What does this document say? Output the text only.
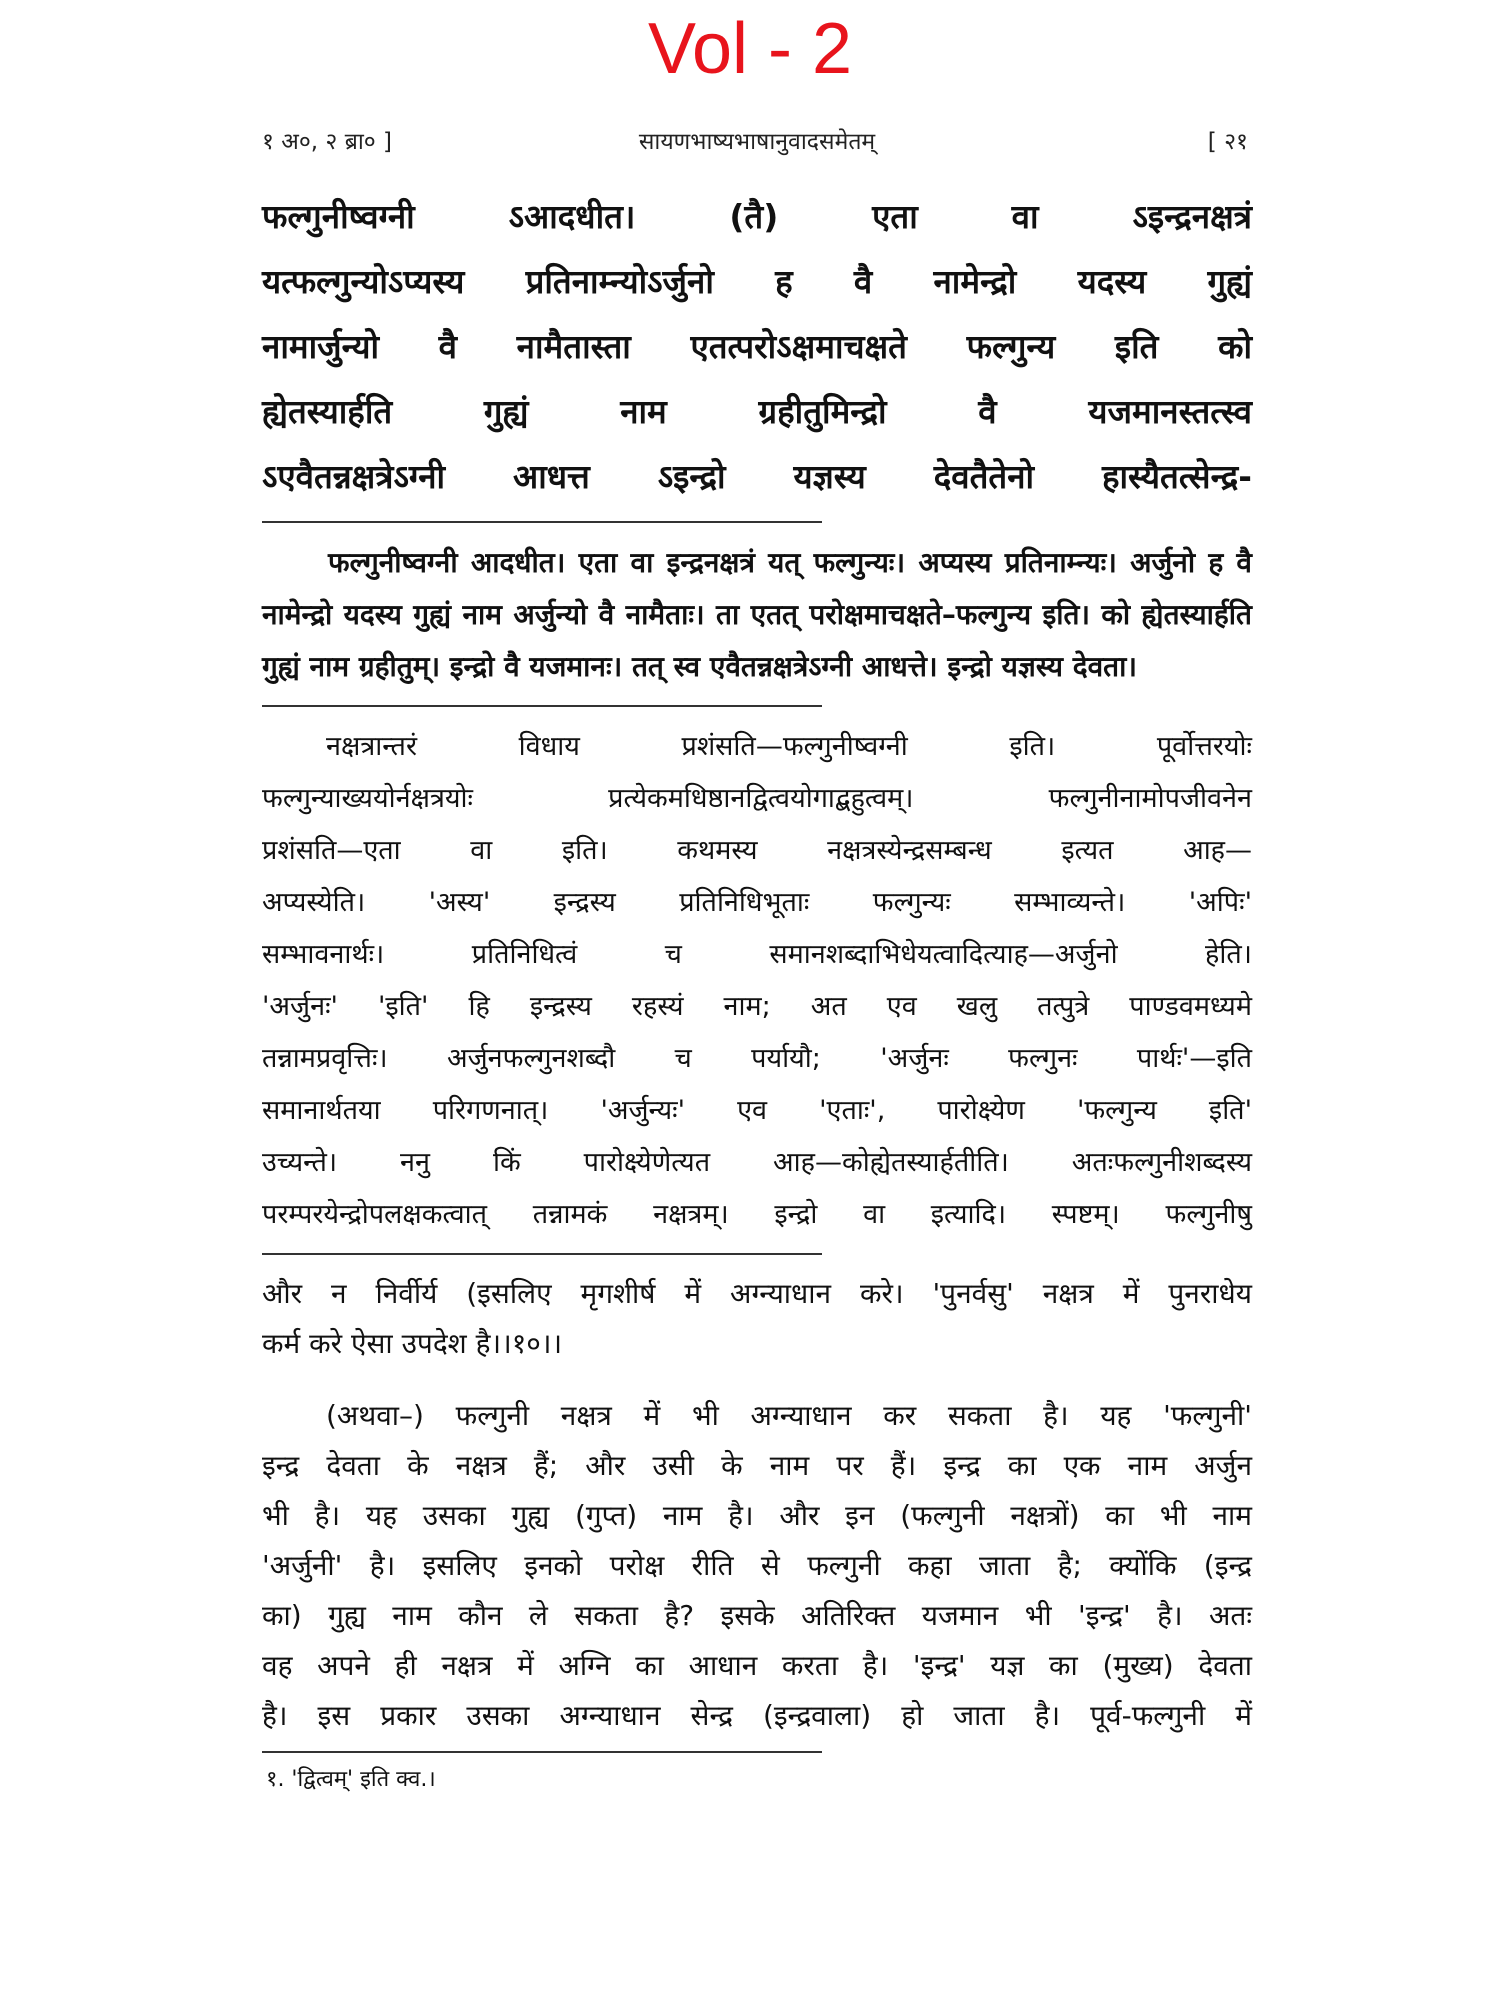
Vol - 2
१ अ०, २ ब्रा० ]	सायणभाष्यभाषानुवादसमेतम्	[ २१
फल्गुनीष्वग्नी ऽआदधीत। (तै) एता वा ऽइन्द्रनक्षत्रं
यत्फल्गुन्योऽप्यस्य प्रतिनाम्न्योऽर्जुनो ह वै नामेन्द्रो यदस्य गुह्यं
नामार्जुन्यो वै नामैतास्ता एतत्परोऽक्षमाचक्षते फल्गुन्य इति को
ह्येतस्यार्हति गुह्यं नाम ग्रहीतुमिन्द्रो वै यजमानस्तत्स्व
ऽएवैतन्नक्षत्रेऽग्नी आधत्त ऽइन्द्रो यज्ञस्य देवतैतेनो हास्यैतत्सेन्द्र-
फल्गुनीष्वग्नी आदधीत। एता वा इन्द्रनक्षत्रं यत् फल्गुन्यः। अप्यस्य प्रतिनाम्न्यः। अर्जुनो ह वै नामेन्द्रो यदस्य गुह्यं नाम अर्जुन्यो वै नामैताः। ता एतत् परोक्षमाचक्षते–फल्गुन्य इति। को ह्येतस्यार्हति गुह्यं नाम ग्रहीतुम्। इन्द्रो वै यजमानः। तत् स्व एवैतन्नक्षत्रेऽग्नी आधत्ते। इन्द्रो यज्ञस्य देवता।
नक्षत्रान्तरं विधाय प्रशंसति—फल्गुनीष्वग्नी इति। पूर्वोत्तरयोः
फल्गुन्याख्ययोर्नक्षत्रयोः प्रत्येकमधिष्ठानद्वित्वयोगाद्बहुत्वम्। फल्गुनीनामोपजीवनेन
प्रशंसति—एता वा इति। कथमस्य नक्षत्रस्येन्द्रसम्बन्ध इत्यत आह—
अप्यस्येति। 'अस्य' इन्द्रस्य प्रतिनिधिभूताः फल्गुन्यः सम्भाव्यन्ते। 'अपिः'
सम्भावनार्थः। प्रतिनिधित्वं च समानशब्दाभिधेयत्वादित्याह—अर्जुनो हेति।
'अर्जुनः' 'इति' हि इन्द्रस्य रहस्यं नाम; अत एव खलु तत्पुत्रे पाण्डवमध्यमे
तन्नामप्रवृत्तिः। अर्जुनफल्गुनशब्दौ च पर्यायौ; 'अर्जुनः फल्गुनः पार्थः'—इति
समानार्थतया परिगणनात्। 'अर्जुन्यः' एव 'एताः', पारोक्ष्येण 'फल्गुन्य इति'
उच्यन्ते। ननु किं पारोक्ष्येणेत्यत आह—कोह्येतस्यार्हतीति। अतःफल्गुनीशब्दस्य
परम्परयेन्द्रोपलक्षकत्वात् तन्नामकं नक्षत्रम्। इन्द्रो वा इत्यादि। स्पष्टम्। फल्गुनीषु
और न निर्वीर्य (इसलिए मृगशीर्ष में अग्न्याधान करे। 'पुनर्वसु' नक्षत्र में पुनराधेय
कर्म करे ऐसा उपदेश है।।१०।।
(अथवा–) फल्गुनी नक्षत्र में भी अग्न्याधान कर सकता है। यह 'फल्गुनी'
इन्द्र देवता के नक्षत्र हैं; और उसी के नाम पर हैं। इन्द्र का एक नाम अर्जुन
भी है। यह उसका गुह्य (गुप्त) नाम है। और इन (फल्गुनी नक्षत्रों) का भी नाम
'अर्जुनी' है। इसलिए इनको परोक्ष रीति से फल्गुनी कहा जाता है; क्योंकि (इन्द्र
का) गुह्य नाम कौन ले सकता है? इसके अतिरिक्त यजमान भी 'इन्द्र' है। अतः
वह अपने ही नक्षत्र में अग्नि का आधान करता है। 'इन्द्र' यज्ञ का (मुख्य) देवता
है। इस प्रकार उसका अग्न्याधान सेन्द्र (इन्द्रवाला) हो जाता है। पूर्व-फल्गुनी में
१. 'द्वित्वम्' इति क्व.।
